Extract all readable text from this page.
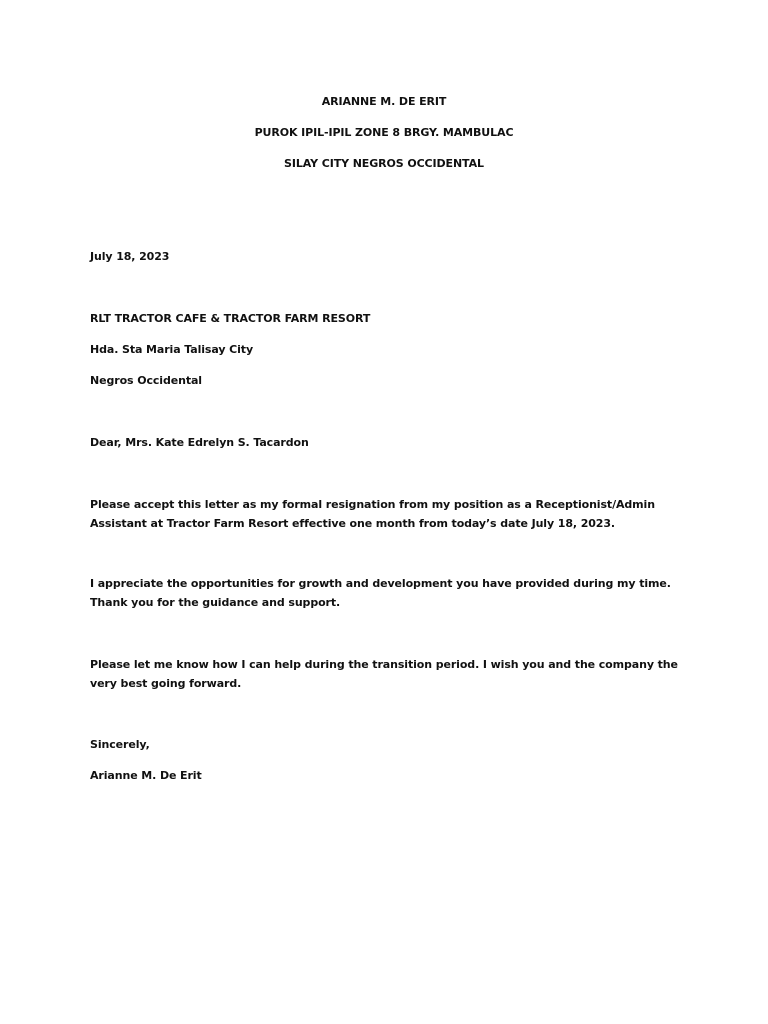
ARIANNE M. DE ERIT
PUROK IPIL-IPIL ZONE 8 BRGY. MAMBULAC
SILAY CITY NEGROS OCCIDENTAL
July 18, 2023
RLT TRACTOR CAFE & TRACTOR FARM RESORT
Hda. Sta Maria Talisay City
Negros Occidental
Dear, Mrs. Kate Edrelyn S. Tacardon
Please accept this letter as my formal resignation from my position as a Receptionist/Admin Assistant at Tractor Farm Resort effective one month from today’s date July 18, 2023.
I appreciate the opportunities for growth and development you have provided during my time. Thank you for the guidance and support.
Please let me know how I can help during the transition period. I wish you and the company the very best going forward.
Sincerely,
Arianne M. De Erit
